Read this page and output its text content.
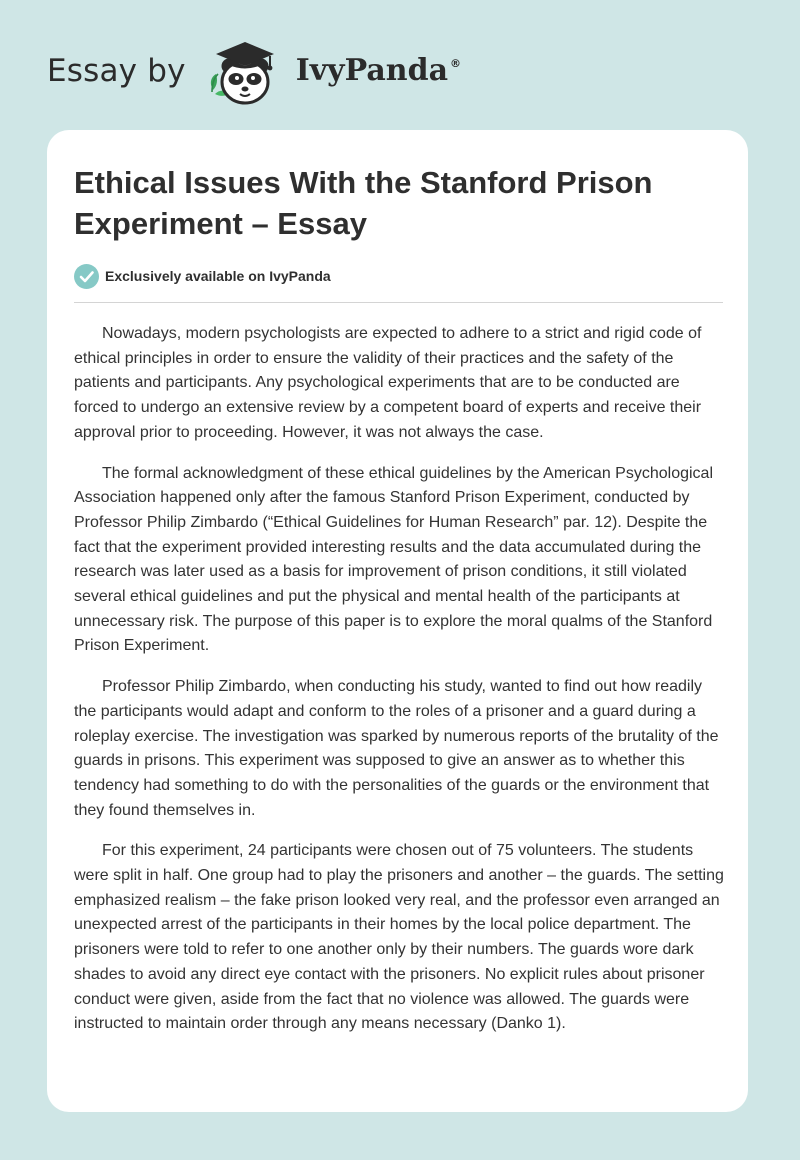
Essay by	IvyPanda ®
Ethical Issues With the Stanford Prison Experiment – Essay
Exclusively available on IvyPanda

Nowadays, modern psychologists are expected to adhere to a strict and rigid code of ethical principles in order to ensure the validity of their practices and the safety of the patients and participants. Any psychological experiments that are to be conducted are forced to undergo an extensive review by a competent board of experts and receive their approval prior to proceeding. However, it was not always the case.

The formal acknowledgment of these ethical guidelines by the American Psychological Association happened only after the famous Stanford Prison Experiment, conducted by Professor Philip Zimbardo (“Ethical Guidelines for Human Research” par. 12). Despite the fact that the experiment provided interesting results and the data accumulated during the research was later used as a basis for improvement of prison conditions, it still violated several ethical guidelines and put the physical and mental health of the participants at unnecessary risk. The purpose of this paper is to explore the moral qualms of the Stanford Prison Experiment.

Professor Philip Zimbardo, when conducting his study, wanted to find out how readily the participants would adapt and conform to the roles of a prisoner and a guard during a roleplay exercise. The investigation was sparked by numerous reports of the brutality of the guards in prisons. This experiment was supposed to give an answer as to whether this tendency had something to do with the personalities of the guards or the environment that they found themselves in.

For this experiment, 24 participants were chosen out of 75 volunteers. The students were split in half. One group had to play the prisoners and another – the guards. The setting emphasized realism – the fake prison looked very real, and the professor even arranged an unexpected arrest of the participants in their homes by the local police department. The prisoners were told to refer to one another only by their numbers. The guards wore dark shades to avoid any direct eye contact with the prisoners. No explicit rules about prisoner conduct were given, aside from the fact that no violence was allowed. The guards were instructed to maintain order through any means necessary (Danko 1).
